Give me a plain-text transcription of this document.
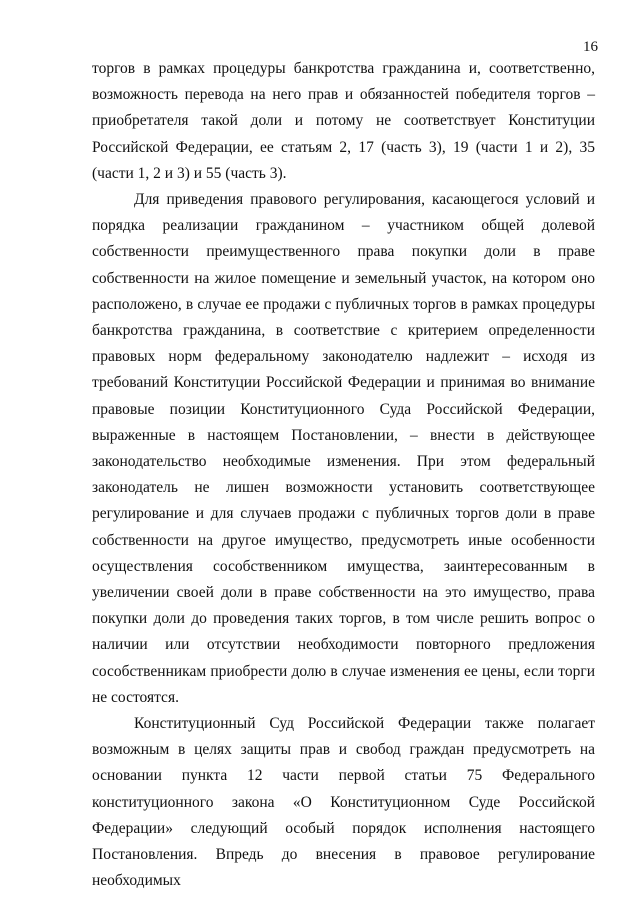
16

торгов в рамках процедуры банкротства гражданина и, соответственно, возможность перевода на него прав и обязанностей победителя торгов – приобретателя такой доли и потому не соответствует Конституции Российской Федерации, ее статьям 2, 17 (часть 3), 19 (части 1 и 2), 35 (части 1, 2 и 3) и 55 (часть 3).

Для приведения правового регулирования, касающегося условий и порядка реализации гражданином – участником общей долевой собственности преимущественного права покупки доли в праве собственности на жилое помещение и земельный участок, на котором оно расположено, в случае ее продажи с публичных торгов в рамках процедуры банкротства гражданина, в соответствие с критерием определенности правовых норм федеральному законодателю надлежит – исходя из требований Конституции Российской Федерации и принимая во внимание правовые позиции Конституционного Суда Российской Федерации, выраженные в настоящем Постановлении, – внести в действующее законодательство необходимые изменения. При этом федеральный законодатель не лишен возможности установить соответствующее регулирование и для случаев продажи с публичных торгов доли в праве собственности на другое имущество, предусмотреть иные особенности осуществления сособственником имущества, заинтересованным в увеличении своей доли в праве собственности на это имущество, права покупки доли до проведения таких торгов, в том числе решить вопрос о наличии или отсутствии необходимости повторного предложения сособственникам приобрести долю в случае изменения ее цены, если торги не состоятся.

Конституционный Суд Российской Федерации также полагает возможным в целях защиты прав и свобод граждан предусмотреть на основании пункта 12 части первой статьи 75 Федерального конституционного закона «О Конституционном Суде Российской Федерации» следующий особый порядок исполнения настоящего Постановления. Впредь до внесения в правовое регулирование необходимых
